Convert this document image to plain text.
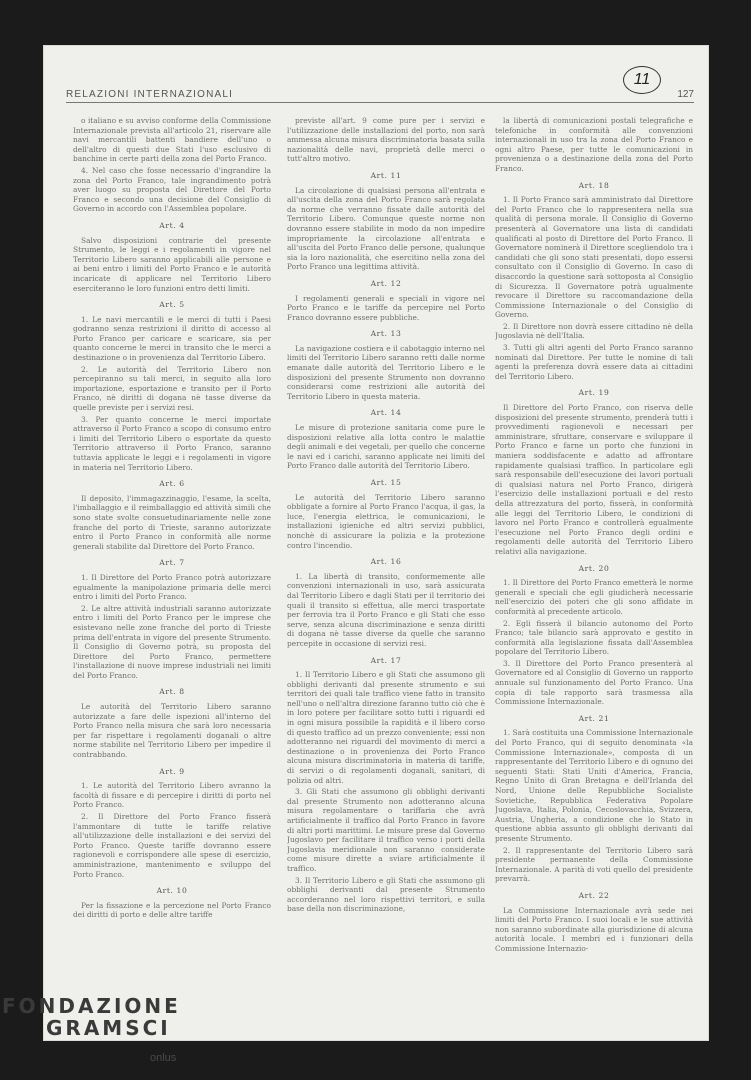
11
RELAZIONI INTERNAZIONALI	127

o italiano e su avviso conforme della Commissione Internazionale prevista all'articolo 21, riservare alle navi mercantili battenti bandiere dell'uno o dell'altro di questi due Stati l'uso esclusivo di banchine in certe parti della zona del Porto Franco.

4. Nel caso che fosse necessario d'ingrandire la zona del Porto Franco, tale ingrandimento potrà aver luogo su proposta del Direttore del Porto Franco e secondo una decisione del Consiglio di Governo in accordo con l'Assemblea popolare.

Art. 4

Salvo disposizioni contrarie del presente Strumento, le leggi e i regolamenti in vigore nel Territorio Libero saranno applicabili alle persone e ai beni entro i limiti del Porto Franco e le autorità incaricate di applicare nel Territorio Libero eserciteranno le loro funzioni entro detti limiti.

Art. 5

1. Le navi mercantili e le merci di tutti i Paesi godranno senza restrizioni il diritto di accesso al Porto Franco per caricare e scaricare, sia per quanto concerne le merci in transito che le merci a destinazione o in provenienza dal Territorio Libero.

2. Le autorità del Territorio Libero non percepiranno su tali merci, in seguito alla loro importazione, esportazione e transito per il Porto Franco, nè diritti di dogana nè tasse diverse da quelle previste per i servizi resi.

3. Per quanto concerne le merci importate attraverso il Porto Franco a scopo di consumo entro i limiti del Territorio Libero o esportate da questo Territorio attraverso il Porto Franco, saranno tuttavia applicate le leggi e i regolamenti in vigore in materia nel Territorio Libero.

Art. 6

Il deposito, l'immagazzinaggio, l'esame, la scelta, l'imballaggio e il reimballaggio ed attività simili che sono state svolte consuetudinariamente nelle zone franche del porto di Trieste, saranno autorizzate entro il Porto Franco in conformità alle norme generali stabilite dal Direttore del Porto Franco.

Art. 7

1. Il Direttore del Porto Franco potrà autorizzare egualmente la manipolazione primaria delle merci entro i limiti del Porto Franco.

2. Le altre attività industriali saranno autorizzate entro i limiti del Porto Franco per le imprese che esistevano nelle zone franche del porto di Trieste prima dell'entrata in vigore del presente Strumento. Il Consiglio di Governo potrà, su proposta del Direttore del Porto Franco, permettere l'installazione di nuove imprese industriali nei limiti del Porto Franco.

Art. 8

Le autorità del Territorio Libero saranno autorizzate a fare delle ispezioni all'interno del Porto Franco nella misura che sarà loro necessaria per far rispettare i regolamenti doganali o altre norme stabilite nel Territorio Libero per impedire il contrabbando.

Art. 9

1. Le autorità del Territorio Libero avranno la facoltà di fissare e di percepire i diritti di porto nel Porto Franco.

2. Il Direttore del Porto Franco fisserà l'ammontare di tutte le tariffe relative all'utilizzazione delle installazioni e dei servizi del Porto Franco. Queste tariffe dovranno essere ragionevoli e corrispondere alle spese di esercizio, amministrazione, mantenimento e sviluppo del Porto Franco.

Art. 10

Per la fissazione e la percezione nel Porto Franco dei diritti di porto e delle altre tariffe

previste all'art. 9 come pure per i servizi e l'utilizzazione delle installazioni del porto, non sarà ammessa alcuna misura discriminatoria basata sulla nazionalità delle navi, proprietà delle merci o tutt'altro motivo.

Art. 11

La circolazione di qualsiasi persona all'entrata e all'uscita della zona del Porto Franco sarà regolata da norme che verranno fissate dalle autorità del Territorio Libero. Comunque queste norme non dovranno essere stabilite in modo da non impedire impropriamente la circolazione all'entrata e all'uscita del Porto Franco delle persone, qualunque sia la loro nazionalità, che esercitino nella zona del Porto Franco una legittima attività.

Art. 12

I regolamenti generali e speciali in vigore nel Porto Franco e le tariffe da percepire nel Porto Franco dovranno essere pubbliche.

Art. 13

La navigazione costiera e il cabotaggio interno nel limiti del Territorio Libero saranno retti dalle norme emanate dalle autorità del Territorio Libero e le disposizioni del presente Strumento non dovranno considerarsi come restrizioni alle autorità del Territorio Libero in questa materia.

Art. 14

Le misure di protezione sanitaria come pure le disposizioni relative alla lotta contro le malattie degli animali e dei vegetali, per quello che concerne le navi ed i carichi, saranno applicate nei limiti del Porto Franco dalle autorità del Territorio Libero.

Art. 15

Le autorità del Territorio Libero saranno obbligate a fornire al Porto Franco l'acqua, il gas, la luce, l'energia elettrica, le comunicazioni, le installazioni igieniche ed altri servizi pubblici, nonchè di assicurare la polizia e la protezione contro l'incendio.

Art. 16

1. La libertà di transito, conformemente alle convenzioni internazionali in uso, sarà assicurata dal Territorio Libero e dagli Stati per il territorio dei quali il transito si effettua, alle merci trasportate per ferrovia tra il Porto Franco e gli Stati che esso serve, senza alcuna discriminazione e senza diritti di dogana nè tasse diverse da quelle che saranno percepite in occasione di servizi resi.

Art. 17

1. Il Territorio Libero e gli Stati che assumono gli obblighi derivanti dal presente strumento e sui territori dei quali tale traffico viene fatto in transito nell'uno o nell'altra direzione faranno tutto ciò che è in loro potere per facilitare sotto tutti i riguardi ed in ogni misura possibile la rapidità e il libero corso di questo traffico ad un prezzo conveniente; essi non adotteranno nei riguardi del movimento di merci a destinazione o in provenienza dei Porto Franco alcuna misura discriminatoria in materia di tariffe, di servizi o di regolamenti doganali, sanitari, di polizia od altri.

3. Gli Stati che assumono gli obblighi derivanti dal presente Strumento non adotteranno alcuna misura regolamentare o tariffaria che avrà artificialmente il traffico dal Porto Franco in favore di altri porti marittimi. Le misure prese dal Governo Jugoslavo per facilitare il traffico verso i porti della Jugoslavia meridionale non saranno considerate come misure dirette a sviare artificialmente il traffico.

3. Il Territorio Libero e gli Stati che assumono gli obblighi derivanti dal presente Strumento accorderanno nel loro rispettivi territori, e sulla base della non discriminazione,

la libertà di comunicazioni postali telegrafiche e telefoniche in conformità alle convenzioni internazionali in uso tra la zona del Porto Franco e ogni altro Paese, per tutte le comunicazioni in provenienza o a destinazione della zona del Porto Franco.

Art. 18

1. Il Porto Franco sarà amministrato dal Direttore del Porto Franco che lo rappresentera nella sua qualità di persona morale. Il Consiglio di Governo presenterà al Governatore una lista di candidati qualificati al posto di Direttore del Porto Franco. Il Governatore nominerà il Direttore scegliendolo tra i candidati che gli sono stati presentati, dopo essersi consultato con il Consiglio di Governo. In caso di disaccordo la questione sarà sottoposta al Consiglio di Sicurezza. Il Governatore potrà ugualmente revocare il Direttore su raccomandazione della Commissione Internazionale o del Consiglio di Governo.

2. Il Direttore non dovrà essere cittadino nè della Jugoslavia nè dell'Italia.

3. Tutti gli altri agenti del Porto Franco saranno nominati dal Direttore. Per tutte le nomine di tali agenti la preferenza dovrà essere data ai cittadini del Territorio Libero.

Art. 19

Il Direttore del Porto Franco, con riserva delle disposizioni del presente strumento, prenderà tutti i provvedimenti ragionevoli e necessari per amministrare, sfruttare, conservare e sviluppare il Porto Franco e farne un porto che funzioni in maniera soddisfacente e adatto ad affrontare rapidamente qualsiasi traffico. In particolare egli sarà responsabile dell'esecuzione dei lavori portuali di qualsiasi natura nel Porto Franco, dirigerà l'esercizio delle installazioni portuali e del resto della attrezzatura del porto, fisserà, in conformità alle leggi del Territorio Libero, le condizioni di lavoro nel Porto Franco e controllerà egualmente l'esecuzione nel Porto Franco degli ordini e regolamenti delle autorità del Territorio Libero relativi alla navigazione.

Art. 20

1. Il Direttore del Porto Franco emetterà le norme generali e speciali che egli giudicherà necessarie nell'esercizio dei poteri che gli sono affidate in conformità al precedente articolo.

2. Egli fisserà il bilancio autonomo del Porto Franco; tale bilancio sarà approvato e gestito in conformità alla legislazione fissata dall'Assemblea popolare del Territorio Libero.

3. Il Direttore del Porto Franco presenterà al Governatore ed al Consiglio di Governo un rapporto annuale sul funzionamento del Porto Franco. Una copia di tale rapporto sarà trasmessa alla Commissione Internazionale.

Art. 21

1. Sarà costituita una Commissione Internazionale del Porto Franco, qui di seguito denominata «la Commissione Internazionale», composta di un rappresentante del Territorio Libero e di ognuno dei seguenti Stati: Stati Uniti d'America, Francia, Regno Unito di Gran Bretagna e dell'Irlanda del Nord, Unione delle Repubbliche Socialiste Sovietiche, Repubblica Federativa Popolare Jugoslava, Italia, Polonia, Cecoslovacchia, Svizzera, Austria, Ungheria, a condizione che lo Stato in questione abbia assunto gli obblighi derivanti dal presente Strumento.

2. Il rappresentante del Territorio Libero sarà presidente permanente della Commissione Internazionale. A parità di voti quello del presidente prevarrà.

Art. 22

La Commissione Internazionale avrà sede nei limiti del Porto Franco. I suoi locali e le sue attività non saranno subordinate alla giurisdizione di alcuna autorità locale. I membri ed i funzionari della Commissione Internazio-

FONDAZIONE
GRAMSCI
onlus
